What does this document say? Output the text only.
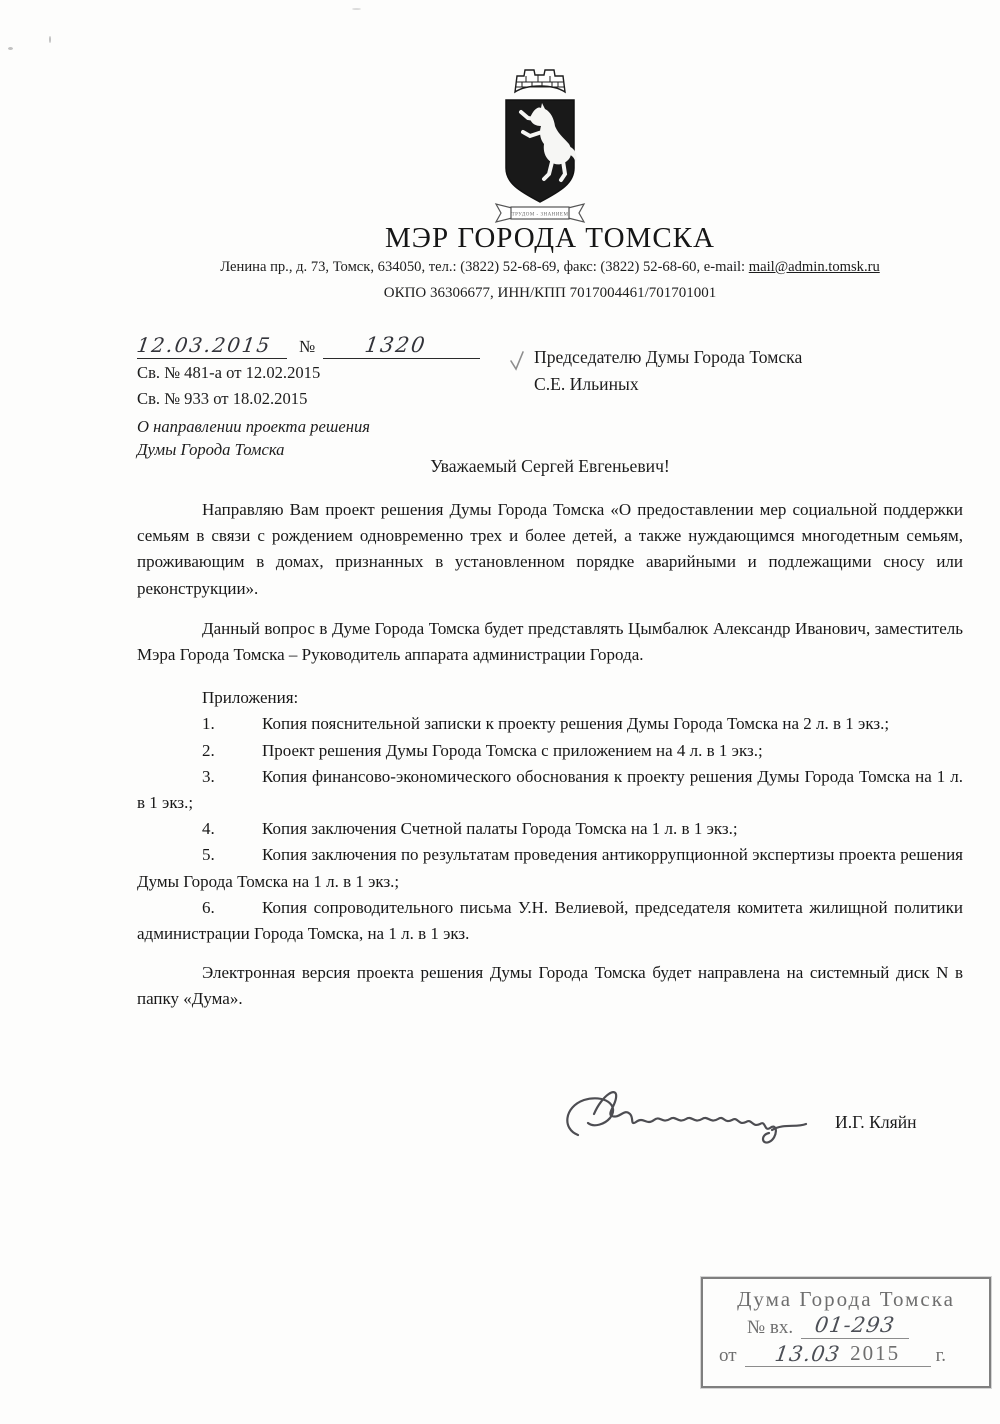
ТРУДОМ - ЗНАНИЕМ
МЭР ГОРОДА ТОМСКА
Ленина пр., д. 73, Томск, 634050, тел.: (3822) 52-68-69, факс: (3822) 52-68-60, e-mail: mail@admin.tomsk.ru
ОКПО 36306677, ИНН/КПП 7017004461/701701001
12.03.2015	№	1320
Св. № 481-а от 12.02.2015
Св. № 933 от 18.02.2015
О направлении проекта решения
Думы Города Томска
Председателю Думы Города Томска
С.Е. Ильиных
Уважаемый Сергей Евгеньевич!

Направляю Вам проект решения Думы Города Томска «О предоставлении мер социальной поддержки семьям в связи с рождением одновременно трех и более детей, а также нуждающимся многодетным семьям, проживающим в домах, признанных в установленном порядке аварийными и подлежащими сносу или реконструкции».

Данный вопрос в Думе Города Томска будет представлять Цымбалюк Александр Иванович, заместитель Мэра Города Томска – Руководитель аппарата администрации Города.

Приложения:

1.	Копия пояснительной записки к проекту решения Думы Города Томска на 2 л. в 1 экз.;

2.	Проект решения Думы Города Томска с приложением на 4 л. в 1 экз.;

3.	Копия финансово-экономического обоснования к проекту решения Думы Города Томска на 1 л. в 1 экз.;

4.	Копия заключения Счетной палаты Города Томска на 1 л. в 1 экз.;

5.	Копия заключения по результатам проведения антикоррупционной экспертизы проекта решения Думы Города Томска на 1 л. в 1 экз.;

6.	Копия сопроводительного письма У.Н. Велиевой, председателя комитета жилищной политики администрации Города Томска, на 1 л. в 1 экз.

Электронная версия проекта решения Думы Города Томска будет направлена на системный диск N в папку «Дума».

И.Г. Кляйн
Дума Города Томска
№ вх. 01-293
от	13.03 2015 г.
